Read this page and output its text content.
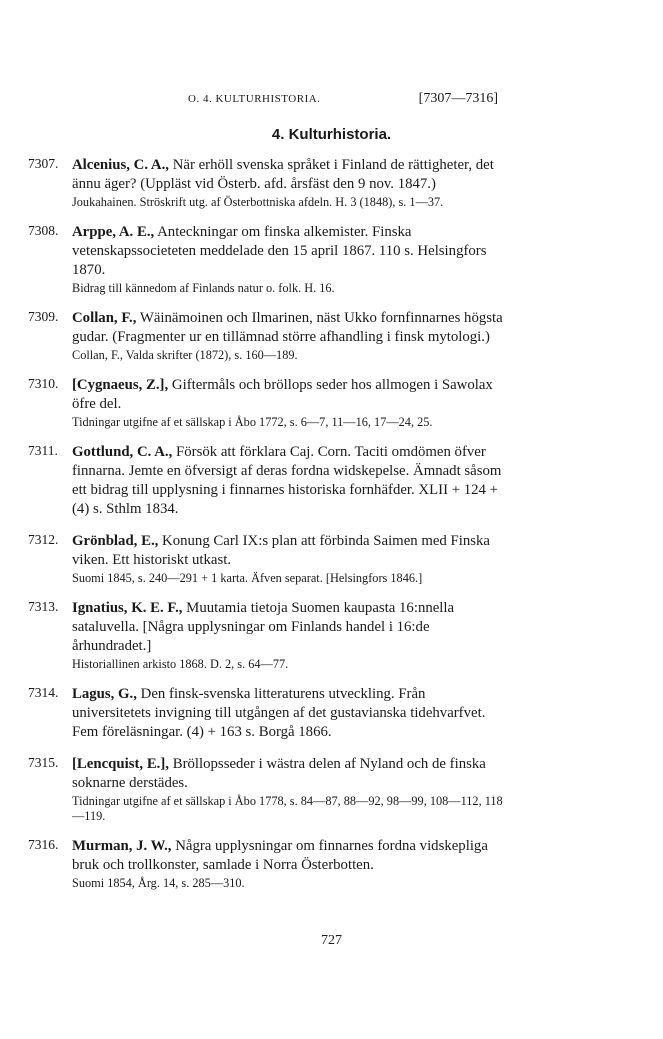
O. 4. KULTURHISTORIA.	[7307—7316]
4. Kulturhistoria.
7307. Alcenius, C. A., När erhöll svenska språket i Finland de rättigheter, det ännu äger? (Uppläst vid Österb. afd. årsfäst den 9 nov. 1847.)
Joukahainen. Ströskrift utg. af Österbottniska afdeln. H. 3 (1848), s. 1—37.
7308. Arppe, A. E., Anteckningar om finska alkemister. Finska vetenskapssocieteten meddelade den 15 april 1867. 110 s. Helsingfors 1870.
Bidrag till kännedom af Finlands natur o. folk. H. 16.
7309. Collan, F., Wäinämoinen och Ilmarinen, näst Ukko fornfinnarnes högsta gudar. (Fragmenter ur en tillämnad större afhandling i finsk mytologi.)
Collan, F., Valda skrifter (1872), s. 160—189.
7310. [Cygnaeus, Z.], Giftermåls och bröllops seder hos allmogen i Sawolax öfre del.
Tidningar utgifne af et sällskap i Åbo 1772, s. 6—7, 11—16, 17—24, 25.
7311. Gottlund, C. A., Försök att förklara Caj. Corn. Taciti omdömen öfver finnarna. Jemte en öfversigt af deras fordna widskepelse. Ämnadt såsom ett bidrag till upplysning i finnarnes historiska fornhäfder. XLII + 124 + (4) s. Sthlm 1834.
7312. Grönblad, E., Konung Carl IX:s plan att förbinda Saimen med Finska viken. Ett historiskt utkast.
Suomi 1845, s. 240—291 + 1 karta. Äfven separat. [Helsingfors 1846.]
7313. Ignatius, K. E. F., Muutamia tietoja Suomen kaupasta 16:nnella sataluvella. [Några upplysningar om Finlands handel i 16:de århundradet.]
Historiallinen arkisto 1868. D. 2, s. 64—77.
7314. Lagus, G., Den finsk-svenska litteraturens utveckling. Från universitetets invigning till utgången af det gustavianska tidehvarfvet. Fem föreläsningar. (4) + 163 s. Borgå 1866.
7315. [Lencquist, E.], Bröllopsseder i wästra delen af Nyland och de finska soknarne derstädes.
Tidningar utgifne af et sällskap i Åbo 1778, s. 84—87, 88—92, 98—99, 108—112, 118—119.
7316. Murman, J. W., Några upplysningar om finnarnes fordna vidskepliga bruk och trollkonster, samlade i Norra Österbotten.
Suomi 1854, Årg. 14, s. 285—310.
727
